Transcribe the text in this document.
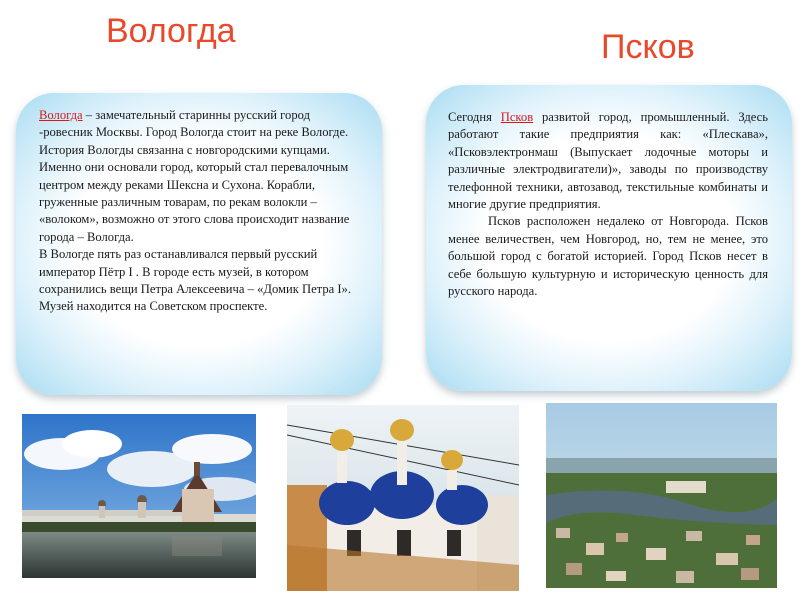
Вологда	Псков

Вологда – замечательный старинны русский город -ровесник Москвы. Город Вологда стоит на реке Вологде.

История Вологды связанна с новгородскими купцами. Именно они основали город, который стал перевалочным центром между реками Шексна и Сухона. Корабли, груженные различным товарам, по рекам волокли – «волоком», возможно от этого слова происходит название города – Вологда.

В Вологде пять раз останавливался первый русский император Пётр I . В городе есть музей, в котором сохранились вещи Петра Алексеевича – «Домик Петра I». Музей находится на Советском проспекте.

Сегодня Псков развитой город, промышленный. Здесь работают такие предприятия как: «Плескава», «Псковэлектронмаш (Выпускает лодочные моторы и различные электродвигатели)», заводы по производству телефонной техники, автозавод, текстильные комбинаты и многие другие предприятия.

Псков расположен недалеко от Новгорода. Псков менее величествен, чем Новгород, но, тем не менее, это большой город с богатой историей. Город Псков несет в себе большую культурную и историческую ценность для русского народа.
